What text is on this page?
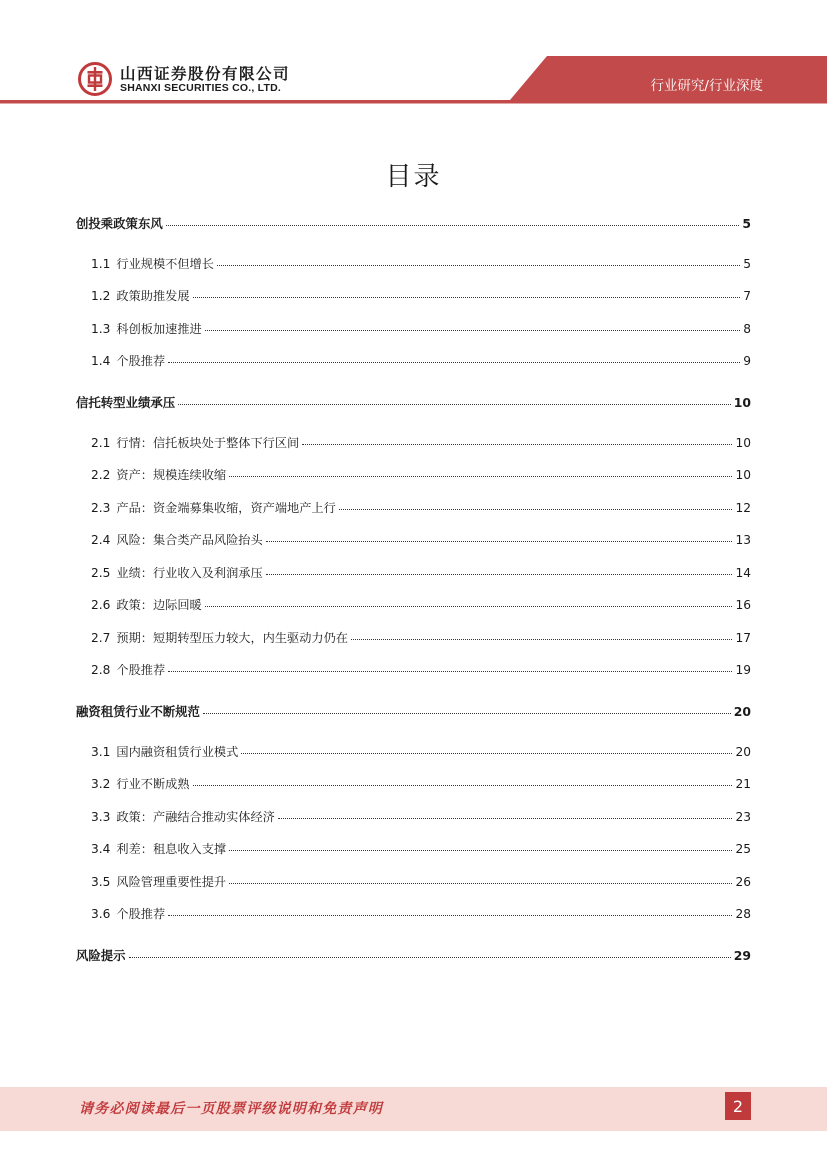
山西证券股份有限公司
SHANXI SECURITIES CO., LTD.	行业研究/行业深度
目录
创投乘政策东风	5
1.1 行业规模不但增长	5
1.2 政策助推发展	7
1.3 科创板加速推进	8
1.4 个股推荐	9
信托转型业绩承压	10
2.1 行情：信托板块处于整体下行区间	10
2.2 资产：规模连续收缩	10
2.3 产品：资金端募集收缩，资产端地产上行	12
2.4 风险：集合类产品风险抬头	13
2.5 业绩：行业收入及利润承压	14
2.6 政策：边际回暖	16
2.7 预期：短期转型压力较大，内生驱动力仍在	17
2.8 个股推荐	19
融资租赁行业不断规范	20
3.1 国内融资租赁行业模式	20
3.2 行业不断成熟	21
3.3 政策：产融结合推动实体经济	23
3.4 利差：租息收入支撑	25
3.5 风险管理重要性提升	26
3.6 个股推荐	28
风险提示	29
请务必阅读最后一页股票评级说明和免责声明	2
